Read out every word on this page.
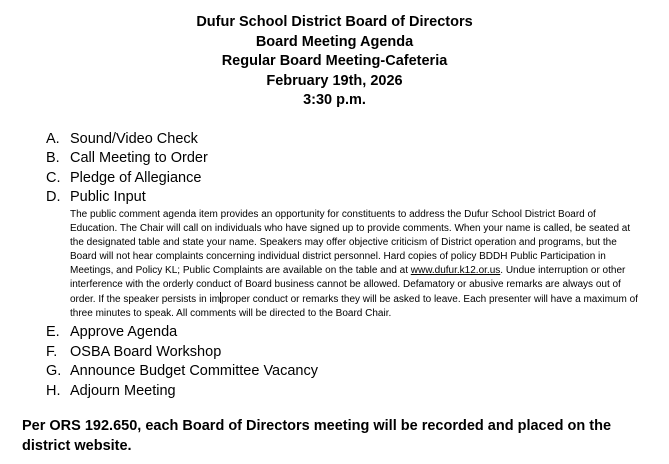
Dufur School District Board of Directors
Board Meeting Agenda
Regular Board Meeting-Cafeteria
February 19th, 2026
3:30 p.m.
A. Sound/Video Check
B. Call Meeting to Order
C. Pledge of Allegiance
D. Public Input
The public comment agenda item provides an opportunity for constituents to address the Dufur School District Board of Education. The Chair will call on individuals who have signed up to provide comments. When your name is called, be seated at the designated table and state your name. Speakers may offer objective criticism of District operation and programs, but the Board will not hear complaints concerning individual district personnel. Hard copies of policy BDDH Public Participation in Meetings, and Policy KL; Public Complaints are available on the table and at www.dufur.k12.or.us. Undue interruption or other interference with the orderly conduct of Board business cannot be allowed. Defamatory or abusive remarks are always out of order. If the speaker persists in improper conduct or remarks they will be asked to leave. Each presenter will have a maximum of three minutes to speak. All comments will be directed to the Board Chair.
E. Approve Agenda
F. OSBA Board Workshop
G. Announce Budget Committee Vacancy
H. Adjourn Meeting
Per ORS 192.650, each Board of Directors meeting will be recorded and placed on the district website.
